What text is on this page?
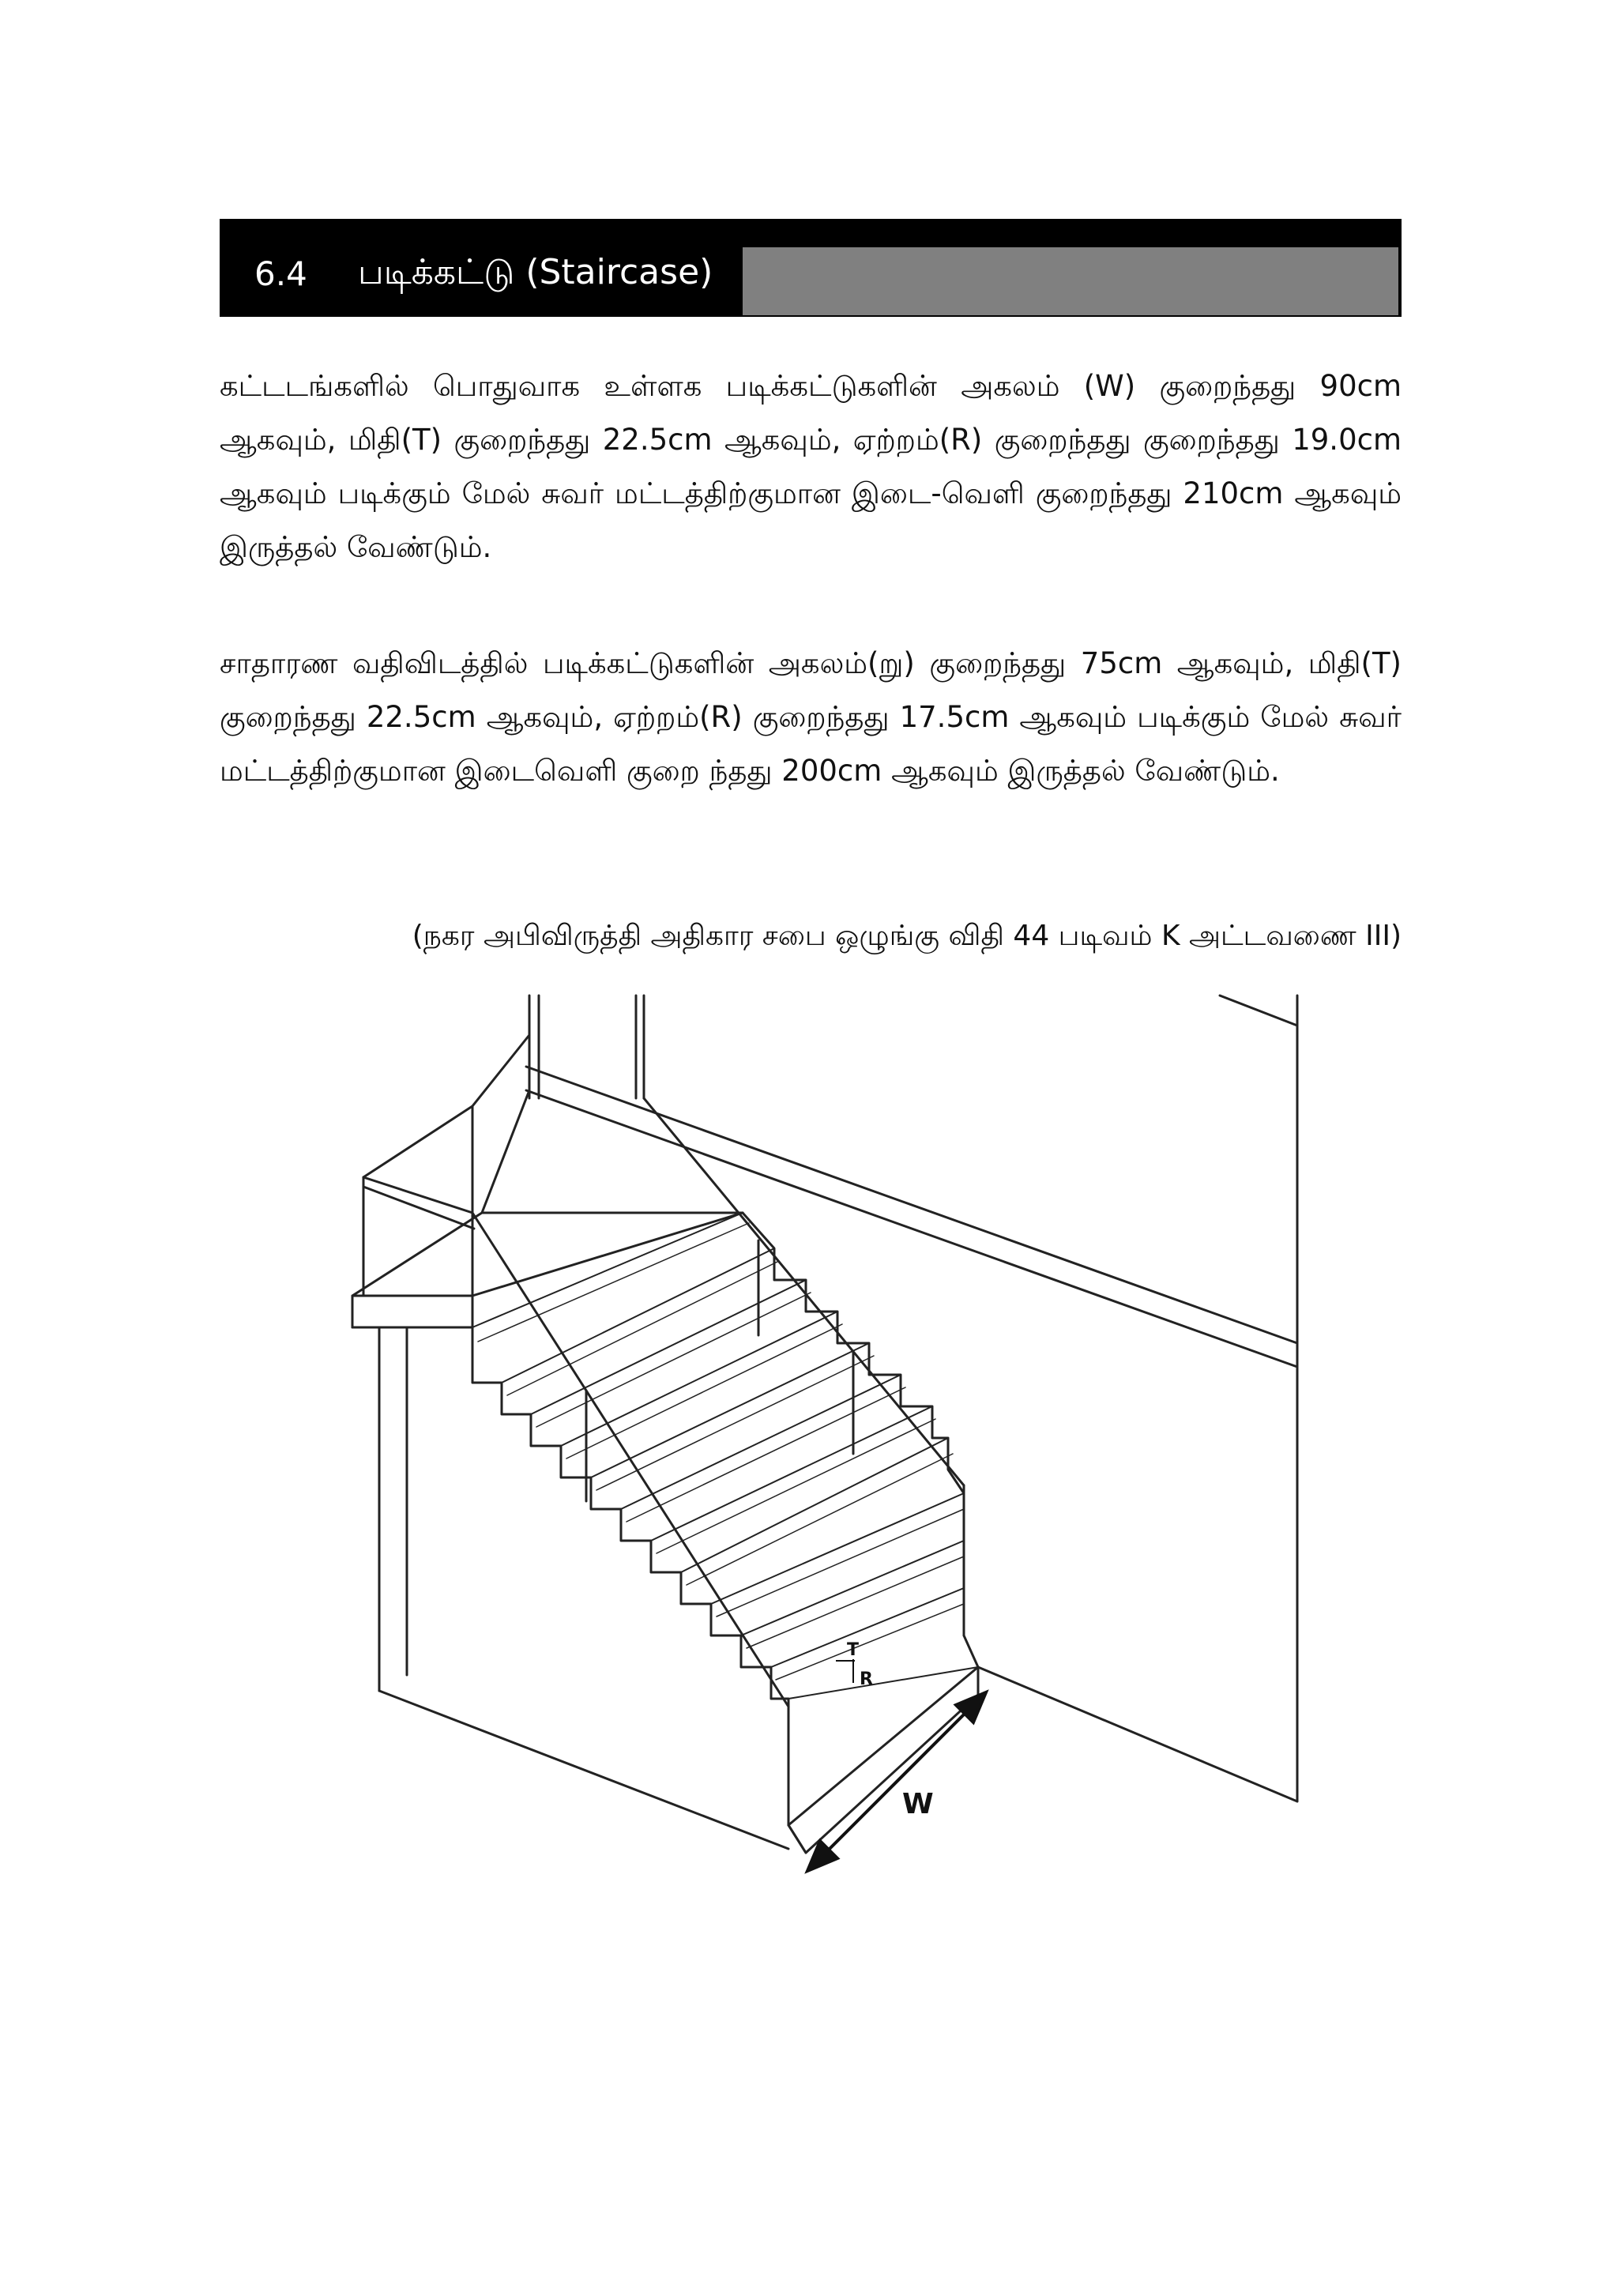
6.4 படிக்கட்டு (Staircase)
கட்டடங்களில் பொதுவாக உள்ளக படிக்கட்டுகளின் அகலம் (W) குறைந்தது 90cm ஆகவும், மிதி(T) குறைந்தது 22.5cm ஆகவும், ஏற்றம்(R) குறைந்தது குறைந்தது 19.0cm ஆகவும் படிக்கும் மேல் சுவர் மட்டத்திற்குமான இடை-வெளி குறைந்தது 210cm ஆகவும் இருத்தல் வேண்டும்.
சாதாரண வதிவிடத்தில் படிக்கட்டுகளின் அகலம்(று) குறைந்தது 75cm ஆகவும், மிதி(T) குறைந்தது 22.5cm ஆகவும், ஏற்றம்(R) குறைந்தது 17.5cm ஆகவும் படிக்கும் மேல் சுவர் மட்டத்திற்குமான இடைவெளி குறை ந்தது 200cm ஆகவும் இருத்தல் வேண்டும்.
(நகர அபிவிருத்தி அதிகார சபை ஒழுங்கு விதி 44 படிவம் K அட்டவணை III)
T
R
W
